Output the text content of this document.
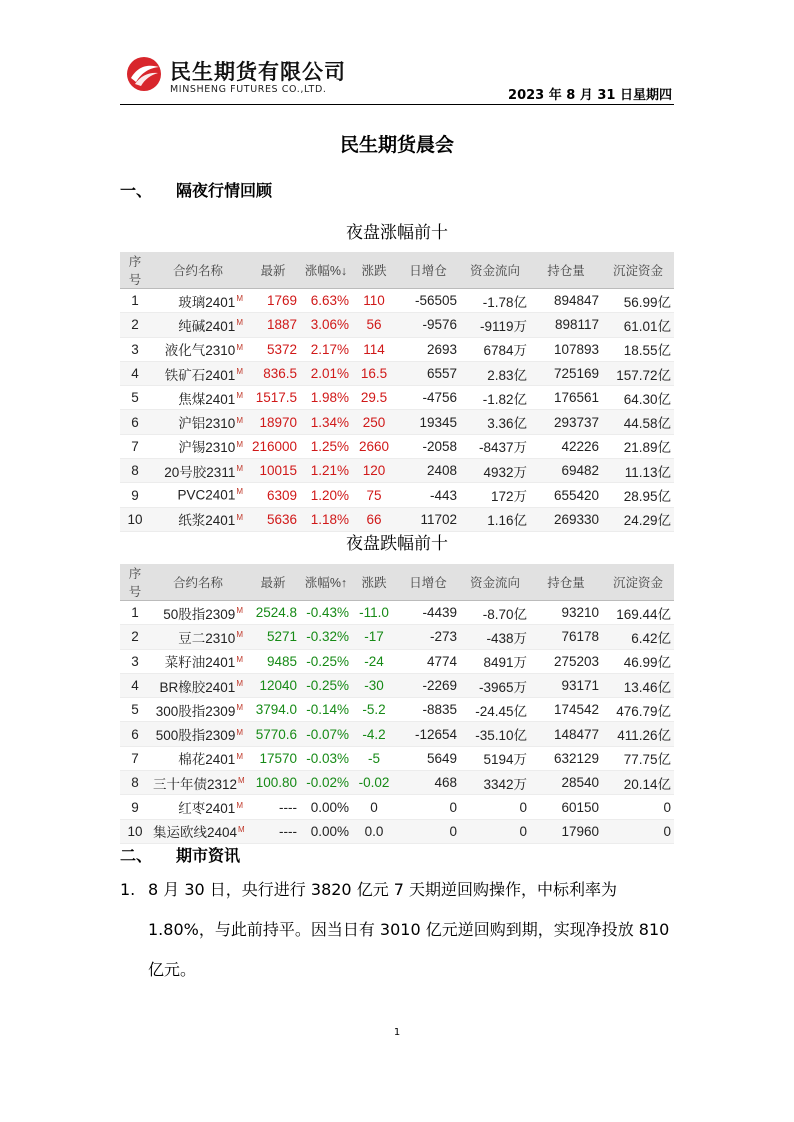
民生期货有限公司
MINSHENG FUTURES CO.,LTD.	2023 年 8 月 31 日星期四
民生期货晨会
一、 隔夜行情回顾
夜盘涨幅前十
序号	合约名称	最新	涨幅%↓	涨跌	日增仓	资金流向	持仓量	沉淀资金
1	玻璃$2401^M$	1769	6.63%	110	-56505	-1.78亿	894847	56.99亿
2	纯碱$2401^M$	1887	3.06%	56	-9576	-9119万	898117	61.01亿
3	液化气$2310^M$	5372	2.17%	114	2693	6784万	107893	18.55亿
4	铁矿石$2401^M$	836.5	2.01%	16.5	6557	2.83亿	725169	157.72亿
5	焦煤$2401^M$	1517.5	1.98%	29.5	-4756	-1.82亿	176561	64.30亿
6	沪铝$2310^M$	18970	1.34%	250	19345	3.36亿	293737	44.58亿
7	沪锡$2310^M$	216000	1.25%	2660	-2058	-8437万	42226	21.89亿
8	20号胶$2311^M$	10015	1.21%	120	2408	4932万	69482	11.13亿
9	$PVC2401^M$	6309	1.20%	75	-443	172万	655420	28.95亿
10	纸浆$2401^M$	5636	1.18%	66	11702	1.16亿	269330	24.29亿
夜盘跌幅前十
序号	合约名称	最新	涨幅%↑	涨跌	日增仓	资金流向	持仓量	沉淀资金
1	50股指$2309^M$	2524.8	-0.43%	-11.0	-4439	-8.70亿	93210	169.44亿
2	豆二$2310^M$	5271	-0.32%	-17	-273	-438万	76178	6.42亿
3	菜籽油$2401^M$	9485	-0.25%	-24	4774	8491万	275203	46.99亿
4	BR橡胶$2401^M$	12040	-0.25%	-30	-2269	-3965万	93171	13.46亿
5	300股指$2309^M$	3794.0	-0.14%	-5.2	-8835	-24.45亿	174542	476.79亿
6	500股指$2309^M$	5770.6	-0.07%	-4.2	-12654	-35.10亿	148477	411.26亿
7	棉花$2401^M$	17570	-0.03%	-5	5649	5194万	632129	77.75亿
8	三十年债$2312^M$	100.80	-0.02%	-0.02	468	3342万	28540	20.14亿
9	红枣$2401^M$	----	0.00%	0	0	0	60150	0
10	集运欧线$2404^M$	----	0.00%	0.0	0	0	17960	0
二、 期市资讯
1. 8 月 30 日，央行进行 3820 亿元 7 天期逆回购操作，中标利率为 1.80%，与此前持平。因当日有 3010 亿元逆回购到期，实现净投放 810 亿元。
1
